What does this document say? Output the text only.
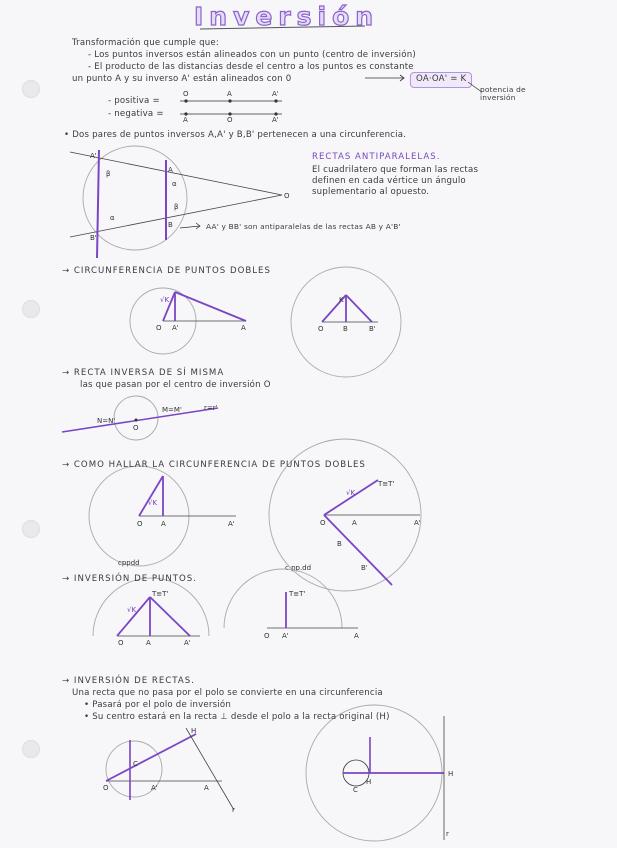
Inversión
Transformación que cumple que:
- Los puntos inversos están alineados con un punto (centro de inversión)
- El producto de las distancias desde el centro a los puntos es constante
un punto A y su inverso A' están alineados con 0	OA·OA' = K
potencia de inversión
- positiva =
- negativa =
O	A	A'
A	O	A'
A'
B'
A
B
O
α
β
α
β
√K
O A'	A
K
O	B	B'
O
N=N'
M=M'	r=r'
√K
O	A	A'
cppdd
√K
T≡T'
O	A	A'
B
B'
c.pp.dd
√K
T≡T'
O	A	A'
T≡T'
O A'	A
H
C
O	A'	A
r
H
H
C
r
• Dos pares de puntos inversos A,A' y B,B' pertenecen a una circunferencia.
RECTAS ANTIPARALELAS.
El cuadrilatero que forman las rectas
definen en cada vértice un ángulo
suplementario al opuesto.
AA' y BB' son antiparalelas de las rectas AB y A'B'
→ CIRCUNFERENCIA DE PUNTOS DOBLES
→ RECTA INVERSA DE SÍ MISMA
las que pasan por el centro de inversión O
→ COMO HALLAR LA CIRCUNFERENCIA DE PUNTOS DOBLES
→ INVERSIÓN DE PUNTOS.
→ INVERSIÓN DE RECTAS.
Una recta que no pasa por el polo se convierte en una circunferencia
• Pasará por el polo de inversión
• Su centro estará en la recta ⊥ desde el polo a la recta original (H)
